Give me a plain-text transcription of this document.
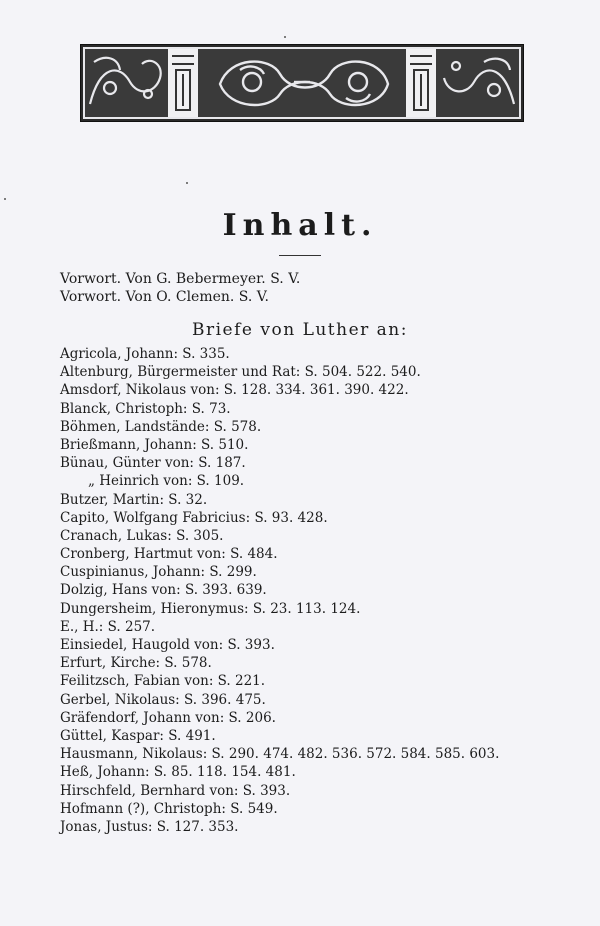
Inhalt.
Vorwort. Von G. Bebermeyer. S. V.
Vorwort. Von O. Clemen. S. V.
Briefe von Luther an:
Agricola, Johann: S. 335.
Altenburg, Bürgermeister und Rat: S. 504. 522. 540.
Amsdorf, Nikolaus von: S. 128. 334. 361. 390. 422.
Blanck, Christoph: S. 73.
Böhmen, Landstände: S. 578.
Brießmann, Johann: S. 510.
Bünau, Günter von: S. 187.
„ Heinrich von: S. 109.
Butzer, Martin: S. 32.
Capito, Wolfgang Fabricius: S. 93. 428.
Cranach, Lukas: S. 305.
Cronberg, Hartmut von: S. 484.
Cuspinianus, Johann: S. 299.
Dolzig, Hans von: S. 393. 639.
Dungersheim, Hieronymus: S. 23. 113. 124.
E., H.: S. 257.
Einsiedel, Haugold von: S. 393.
Erfurt, Kirche: S. 578.
Feilitzsch, Fabian von: S. 221.
Gerbel, Nikolaus: S. 396. 475.
Gräfendorf, Johann von: S. 206.
Güttel, Kaspar: S. 491.
Hausmann, Nikolaus: S. 290. 474. 482. 536. 572. 584. 585. 603.
Heß, Johann: S. 85. 118. 154. 481.
Hirschfeld, Bernhard von: S. 393.
Hofmann (?), Christoph: S. 549.
Jonas, Justus: S. 127. 353.
